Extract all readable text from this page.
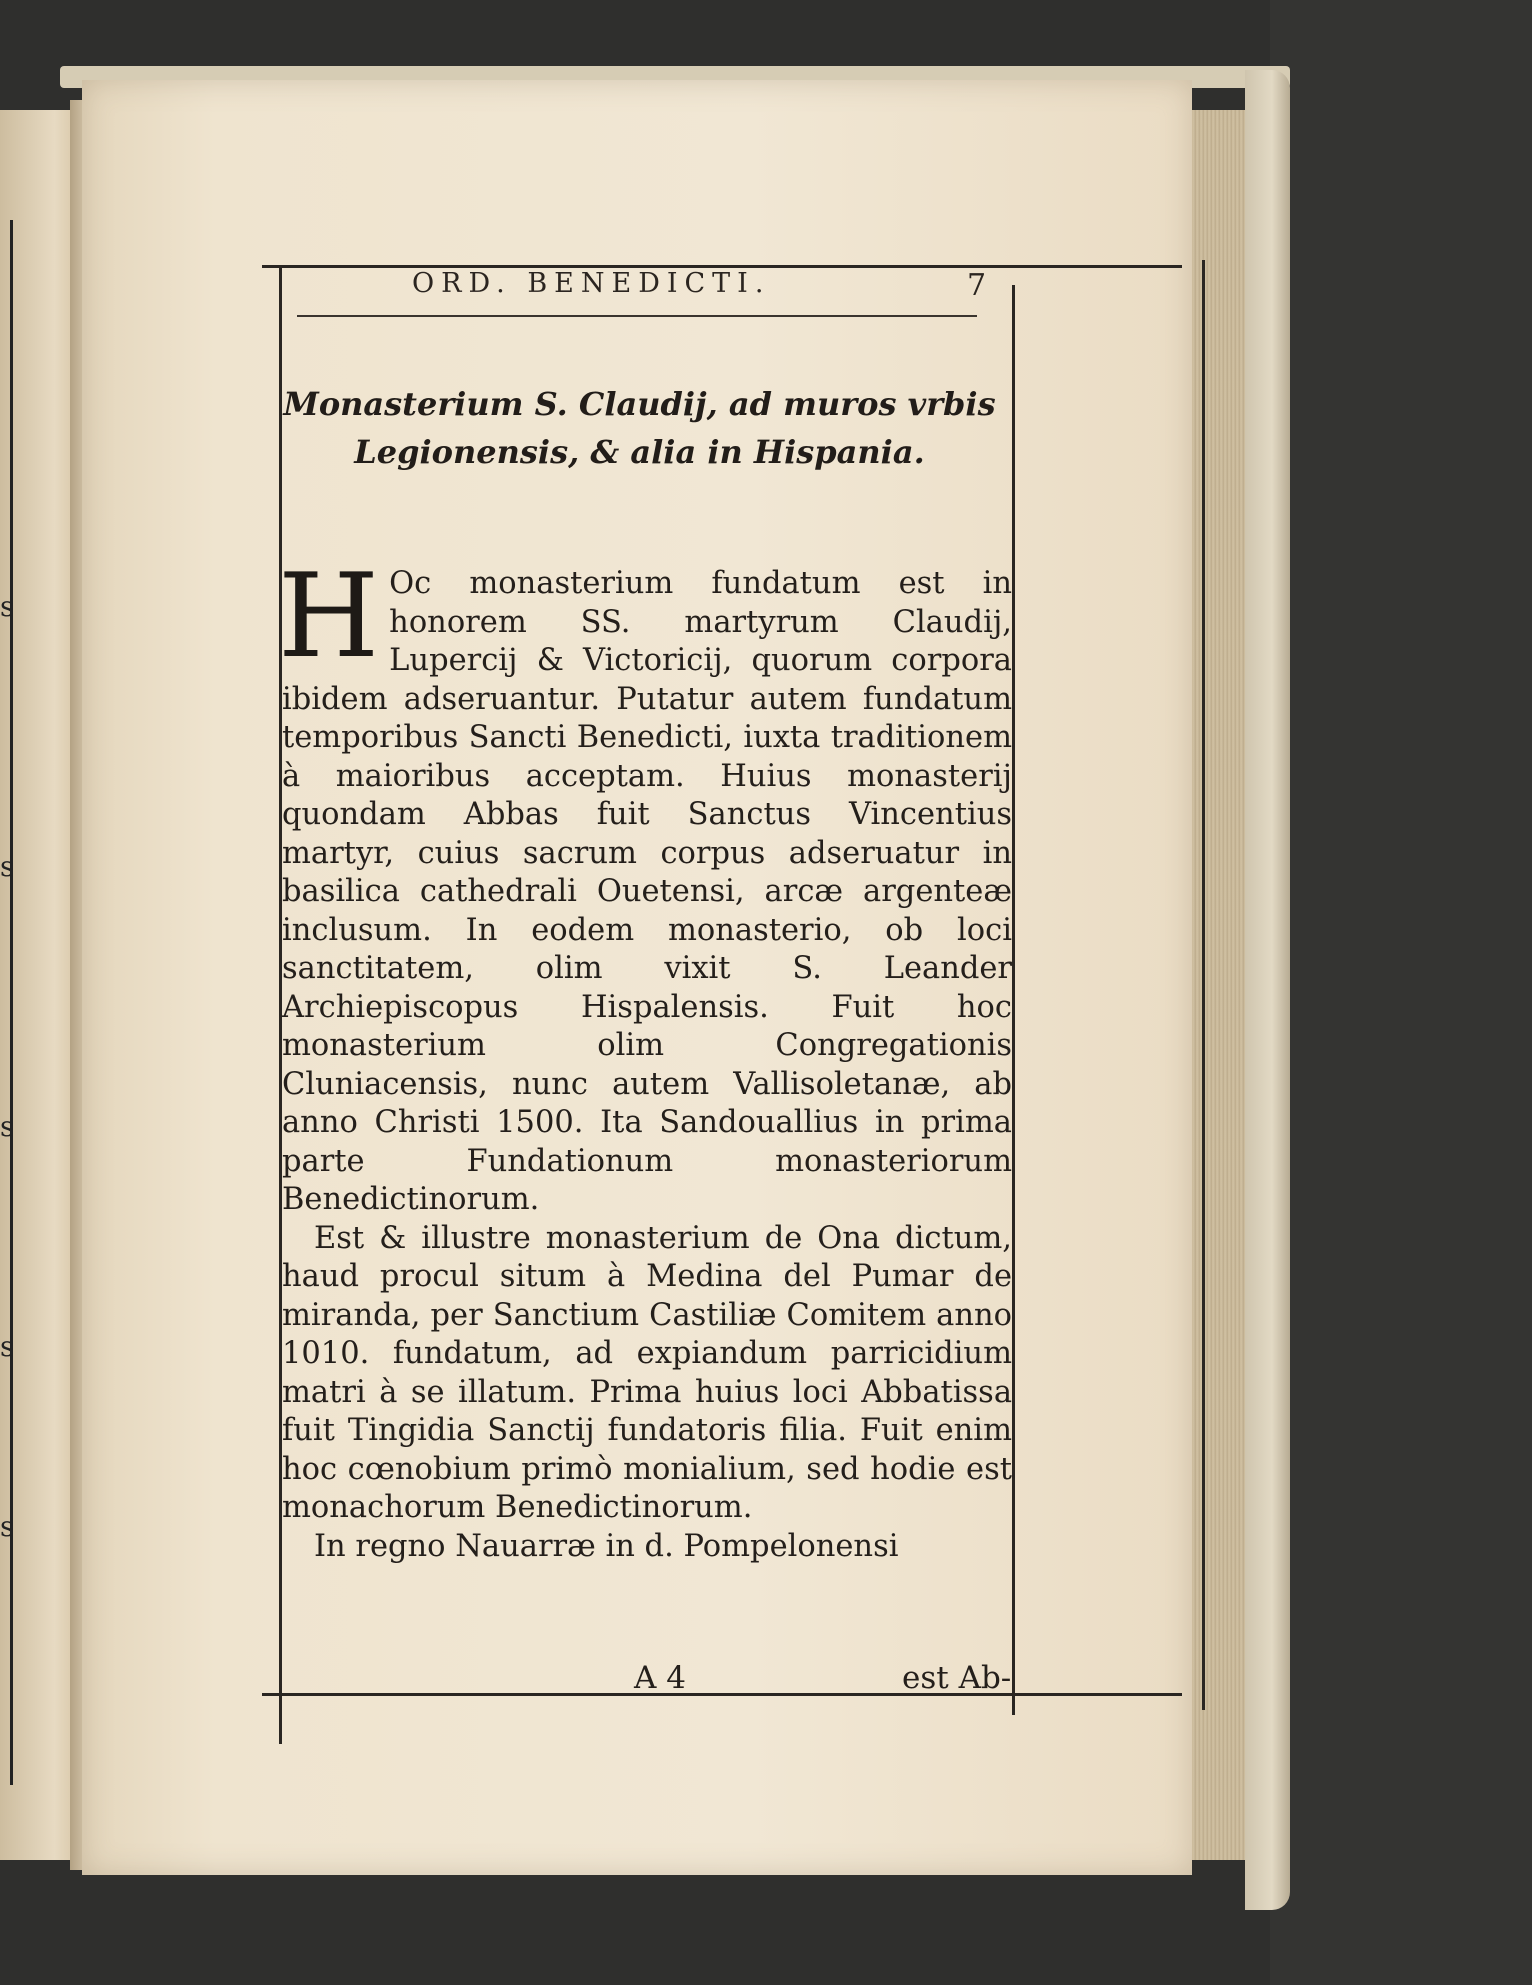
s
s
s
s
s
ORD. BENEDICTI.	7
Monasterium S. Claudij, ad muros vrbis Legionensis, & alia in Hispania.

H Oc monasterium fundatum est in honorem SS. martyrum Claudij, Lupercij & Victoricij, quorum corpora ibidem adseruantur. Putatur autem fundatum temporibus Sancti Benedicti, iuxta traditionem à maioribus acceptam. Huius monasterij quondam Abbas fuit Sanctus Vincentius martyr, cuius sacrum corpus adseruatur in basilica cathedrali Ouetensi, arcæ argenteæ inclusum. In eodem monasterio, ob loci sanctitatem, olim vixit S. Leander Archiepiscopus Hispalensis. Fuit hoc monasterium olim Congregationis Cluniacensis, nunc autem Vallisoletanæ, ab anno Christi 1500. Ita Sandouallius in prima parte Fundationum monasteriorum Benedictinorum.

Est & illustre monasterium de Ona dictum, haud procul situm à Medina del Pumar de miranda, per Sanctium Castiliæ Comitem anno 1010. fundatum, ad expiandum parricidium matri à se illatum. Prima huius loci Abbatissa fuit Tingidia Sanctij fundatoris filia. Fuit enim hoc cœnobium primò monialium, sed hodie est monachorum Benedictinorum.

In regno Nauarræ in d. Pompelonensi

A 4	est Ab-
